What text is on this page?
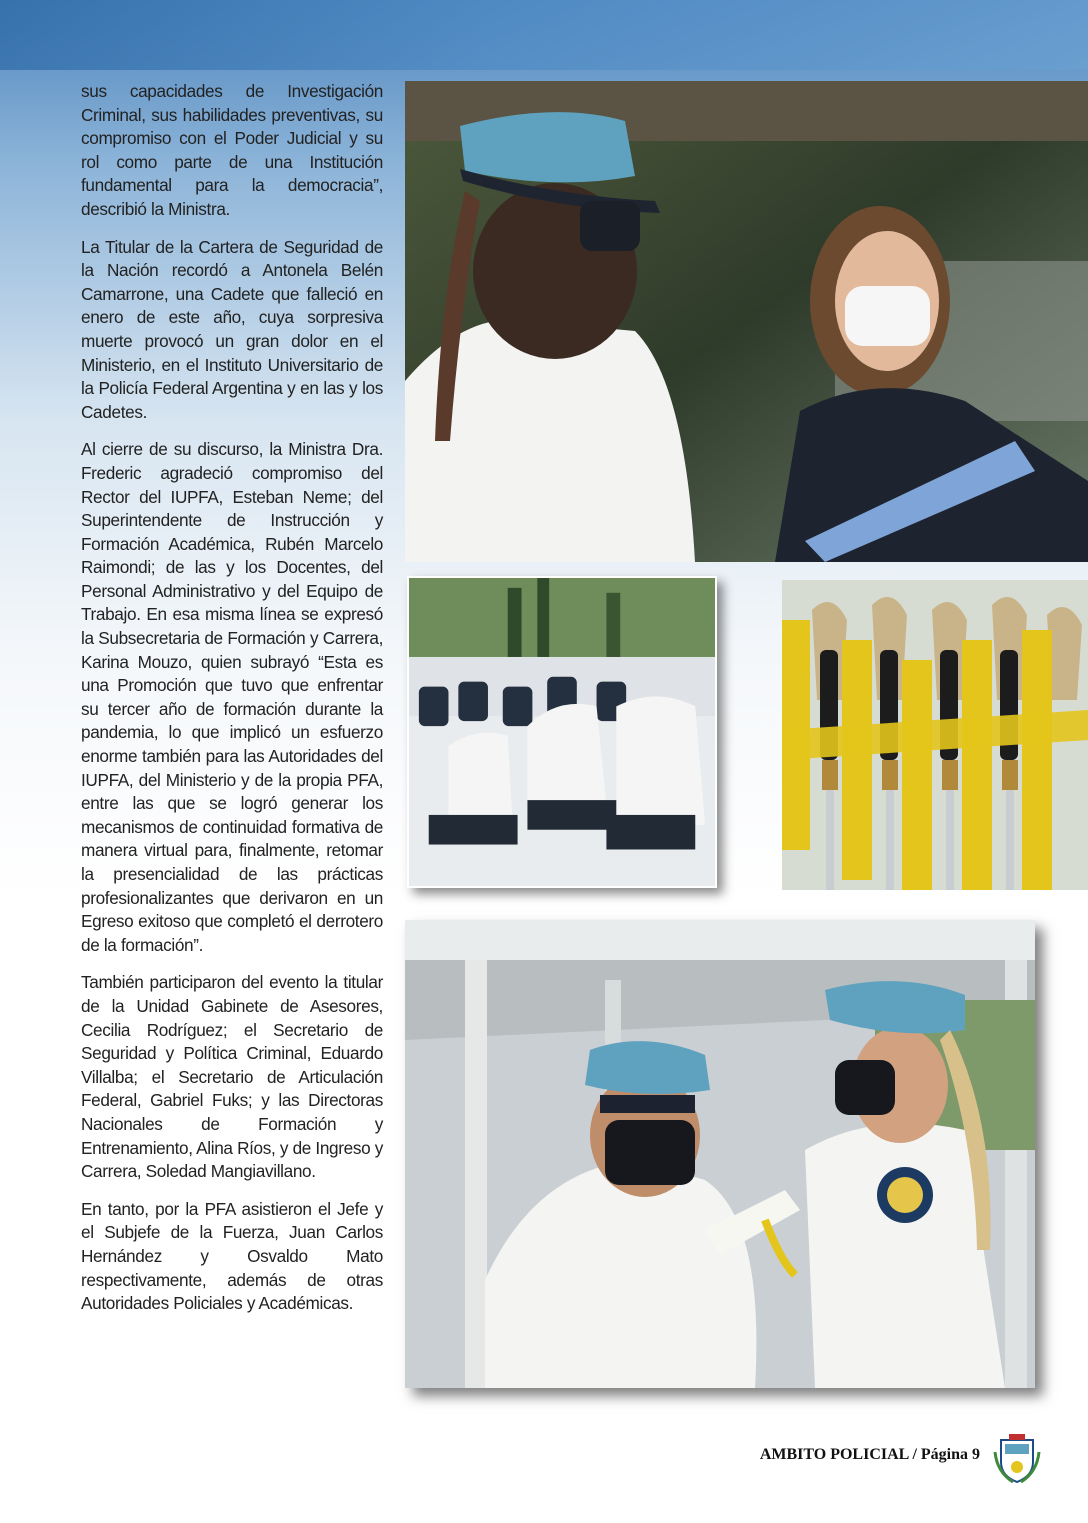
sus capacidades de Investigación Criminal, sus habilidades preventivas, su compromiso con el Poder Judicial y su rol como parte de una Institución fundamental para la democracia”, describió la Ministra.

La Titular de la Cartera de Seguridad de la Nación recordó a Antonela Belén Camarrone, una Cadete que falleció en enero de este año, cuya sorpresiva muerte provocó un gran dolor en el Ministerio, en el Instituto Universitario de la Policía Federal Argentina y en las y los Cadetes.

Al cierre de su discurso, la Ministra Dra. Frederic agradeció compromiso del Rector del IUPFA, Esteban Neme; del Superintendente de Instrucción y Formación Académica, Rubén Marcelo Raimondi; de las y los Docentes, del Personal Administrativo y del Equipo de Trabajo. En esa misma línea se expresó la Subsecretaria de Formación y Carrera, Karina Mouzo, quien subrayó “Esta es una Promoción que tuvo que enfrentar su tercer año de formación durante la pandemia, lo que implicó un esfuerzo enorme también para las Autoridades del IUPFA, del Ministerio y de la propia PFA, entre las que se logró generar los mecanismos de continuidad formativa de manera virtual para, finalmente, retomar la presencialidad de las prácticas profesionalizantes que derivaron en un Egreso exitoso que completó el derrotero de la formación”.

También participaron del evento la titular de la Unidad Gabinete de Asesores, Cecilia Rodríguez; el Secretario de Seguridad y Política Criminal, Eduardo Villalba; el Secretario de Articulación Federal, Gabriel Fuks; y las Directoras Nacionales de Formación y Entrenamiento, Alina Ríos, y de Ingreso y Carrera, Soledad Mangiavillano.

En tanto, por la PFA asistieron el Jefe y el Subjefe de la Fuerza, Juan Carlos Hernández y Osvaldo Mato respectivamente, además de otras Autoridades Policiales y Académicas.

AMBITO POLICIAL / Página 9
